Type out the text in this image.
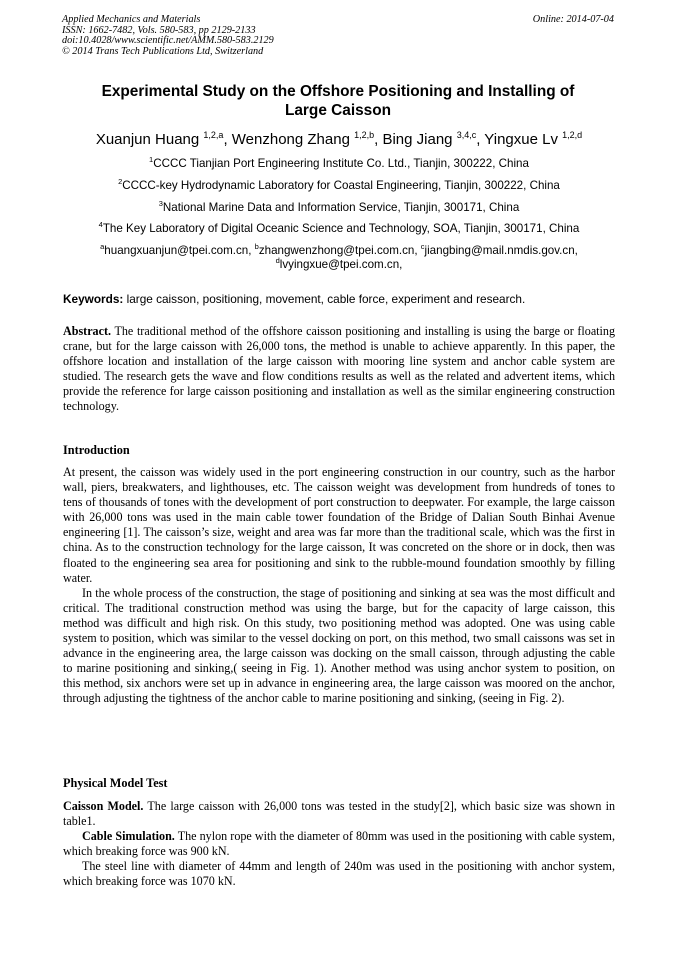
Applied Mechanics and Materials
ISSN: 1662-7482, Vols. 580-583, pp 2129-2133
doi:10.4028/www.scientific.net/AMM.580-583.2129
© 2014 Trans Tech Publications Ltd, Switzerland
Online: 2014-07-04
Experimental Study on the Offshore Positioning and Installing of
Large Caisson
Xuanjun Huang $^{1,2,a}$, Wenzhong Zhang $^{1,2,b}$, Bing Jiang $^{3,4,c}$, Yingxue Lv $^{1,2,d}$
$^1$CCCC Tianjian Port Engineering Institute Co. Ltd., Tianjin, 300222, China
$^2$CCCC-key Hydrodynamic Laboratory for Coastal Engineering, Tianjin, 300222, China
$^3$National Marine Data and Information Service, Tianjin, 300171, China
$^4$The Key Laboratory of Digital Oceanic Science and Technology, SOA, Tianjin, 300171, China
$^a$huangxuanjun@tpei.com.cn, $^b$zhangwenzhong@tpei.com.cn, $^c$jiangbing@mail.nmdis.gov.cn,
$^d$lvyingxue@tpei.com.cn,
Keywords: large caisson, positioning, movement, cable force, experiment and research.

Abstract. The traditional method of the offshore caisson positioning and installing is using the barge or floating crane, but for the large caisson with 26,000 tons, the method is unable to achieve apparently. In this paper, the offshore location and installation of the large caisson with mooring line system and anchor cable system are studied. The research gets the wave and flow conditions results as well as the related and advertent items, which provide the reference for large caisson positioning and installation as well as the similar engineering construction technology.

Introduction

At present, the caisson was widely used in the port engineering construction in our country, such as the harbor wall, piers, breakwaters, and lighthouses, etc. The caisson weight was development from hundreds of tones to tens of thousands of tones with the development of port construction to deepwater. For example, the large caisson with 26,000 tons was used in the main cable tower foundation of the Bridge of Dalian South Binhai Avenue engineering [1]. The caisson’s size, weight and area was far more than the traditional scale, which was the first in china. As to the construction technology for the large caisson, It was concreted on the shore or in dock, then was floated to the engineering sea area for positioning and sink to the rubble-mound foundation smoothly by filling water.

In the whole process of the construction, the stage of positioning and sinking at sea was the most difficult and critical. The traditional construction method was using the barge, but for the capacity of large caisson, this method was difficult and high risk. On this study, two positioning method was adopted. One was using cable system to position, which was similar to the vessel docking on port, on this method, two small caissons was set in advance in the engineering area, the large caisson was docking on the small caisson, through adjusting the cable to marine positioning and sinking,( seeing in Fig. 1). Another method was using anchor system to position, on this method, six anchors were set up in advance in engineering area, the large caisson was moored on the anchor, through adjusting the tightness of the anchor cable to marine positioning and sinking, (seeing in Fig. 2).

Physical Model Test

Caisson Model. The large caisson with 26,000 tons was tested in the study[2], which basic size was shown in table1.

Cable Simulation. The nylon rope with the diameter of 80mm was used in the positioning with cable system, which breaking force was 900 kN.

The steel line with diameter of 44mm and length of 240m was used in the positioning with anchor system, which breaking force was 1070 kN.
